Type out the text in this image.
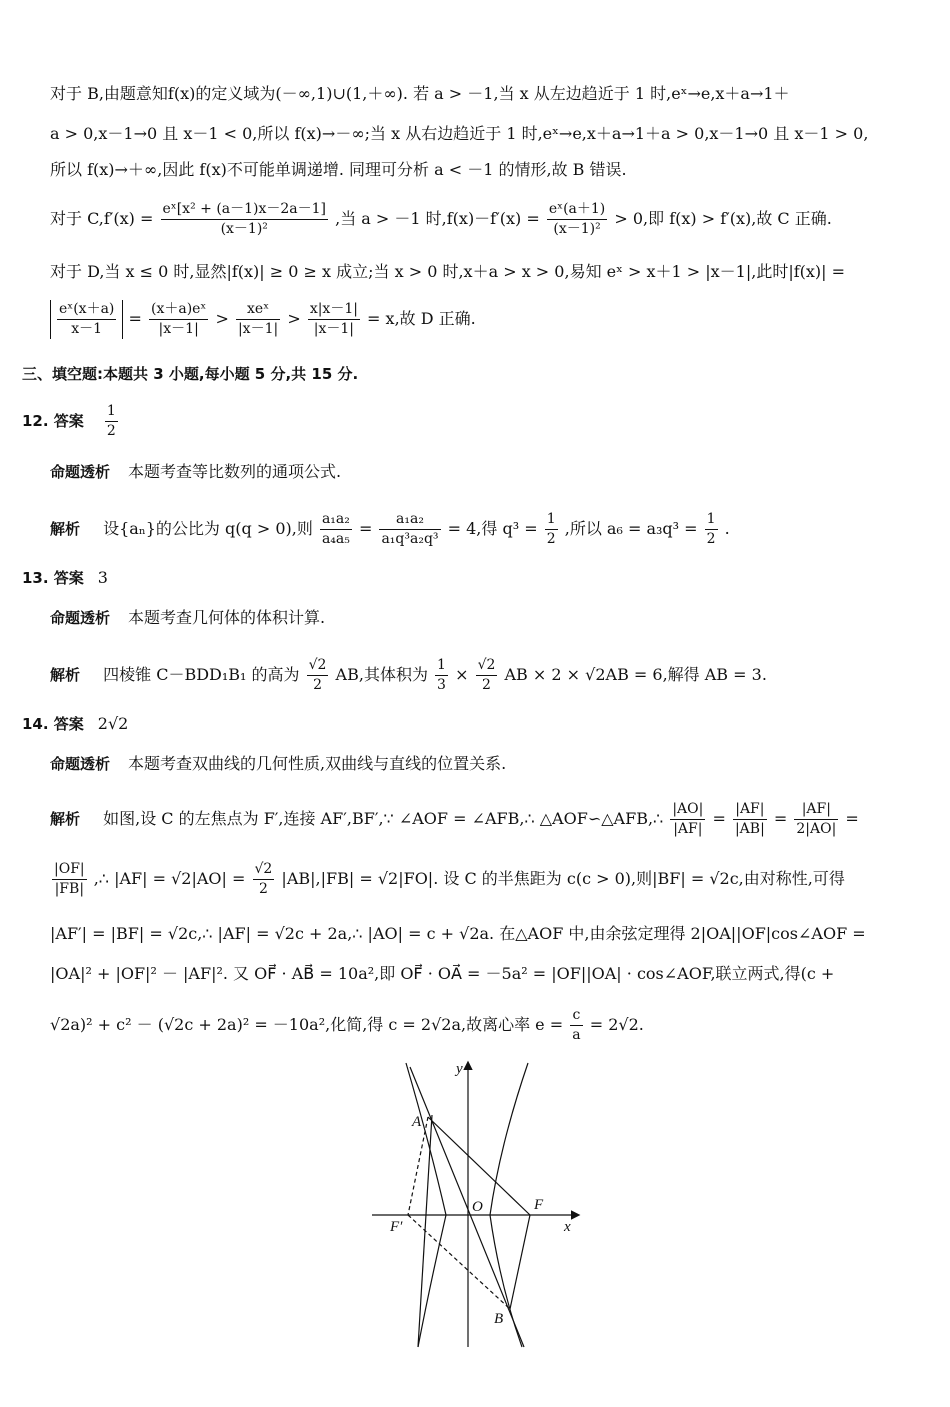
对于 B,由题意知f(x)的定义域为(－∞,1)∪(1,＋∞). 若 a > －1,当 x 从左边趋近于 1 时,eˣ→e,x＋a→1＋
a > 0,x－1→0 且 x－1 < 0,所以 f(x)→－∞;当 x 从右边趋近于 1 时,eˣ→e,x＋a→1＋a > 0,x－1→0 且 x－1 > 0,
所以 f(x)→＋∞,因此 f(x)不可能单调递增. 同理可分析 a < －1 的情形,故 B 错误.
对于 $C,f'(x) = \frac{\text{eˣ[x² + (a－1)x－2a－1]}}{\text{(x－1)²}}$ ,当 a > －1 时$,f(x)-f'(x) = \frac{\text{eˣ(a＋1)}}{\text{(x－1)²}} > 0$,即 f(x) > f′(x),故 C 正确.
对于 D,当 x ≤ 0 时,显然|f(x)| ≥ 0 ≥ x 成立;当 x > 0 时,x＋a > x > 0,易知 eˣ > x＋1 > |x－1|,此时|f(x)| =
$\frac{\text{eˣ(x＋a)}}{x-1} = \frac{\text{(x＋a)eˣ}}{|x-1|} > \frac{\text{xeˣ}}{|x-1|} > \frac{x|x-1|}{|x-1|} = x$,故 D 正确.
三、填空题:本题共 3 小题,每小题 5 分,共 15 分.
12. 答案 $\frac{1}{2}$
命题透析 本题考查等比数列的通项公式.
解析 设{aₙ}的公比为 q(q > 0),则 $\frac{\text{a₁a₂}}{\text{a₄a₅}} = \frac{\text{a₁a₂}}{\text{a₁q³a₂q³}} = 4$,得 $q^3 = \frac{1}{2}$ ,所以 $a_6 = a_3q^3 = \frac{1}{2}$ .
13. 答案 3
命题透析 本题考查几何体的体积计算.
解析 四棱锥 C－BDD₁B₁ 的高为 $\frac{√2}{2}$ AB,其体积为 $\frac{1}{3} \times \frac{√2}{2}$ AB × 2 × √2AB = 6,解得 AB = 3.
14. 答案 2√2
命题透析 本题考查双曲线的几何性质,双曲线与直线的位置关系.
解析 如图,设 C 的左焦点为 F′,连接 AF′,BF′,∵ ∠AOF = ∠AFB,∴ △AOF∽△AFB,∴ $\frac{|AO|}{|AF|} = \frac{|AF|}{|AB|} = \frac{|AF|}{2|AO|}$ =
$\frac{|OF|}{|FB|}$ ,∴ $|AF| = √2|AO| = \frac{√2}{2} |AB|,|FB| = √2|FO|$. 设 C 的半焦距为 c(c > 0),则|BF| = √2c,由对称性,可得
|AF′| = |BF| = √2c,∴ |AF| = √2c + 2a,∴ |AO| = c + √2a. 在△AOF 中,由余弦定理得 2|OA||OF|cos∠AOF =
|OA|² + |OF|² － |AF|². 又 OF⃗ · AB⃗ = 10a²,即 OF⃗ · OA⃗ = －5a² = |OF||OA| · cos∠AOF,联立两式,得(c +
√2a)² + c² － (√2c + 2a)² = －10a²,化简,得 c = 2√2a,故离心率 $e = \frac{c}{a} = 2√2$.
y
x
A
O	F
F′
B
